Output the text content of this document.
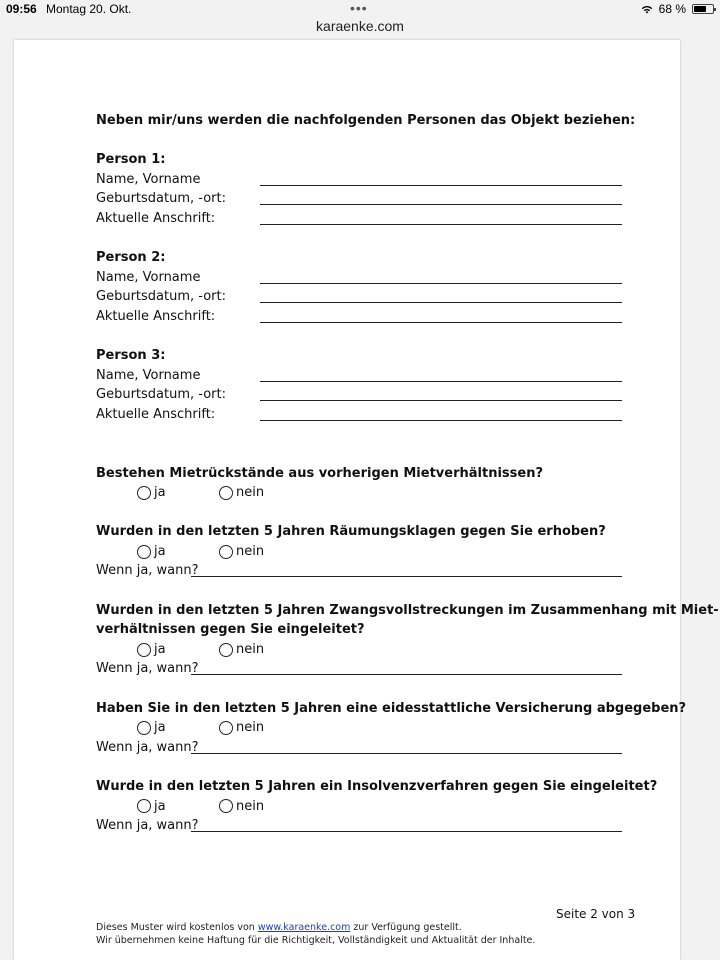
09:56 Montag 20. Okt.	•••	68 %
karaenke.com
Neben mir/uns werden die nachfolgenden Personen das Objekt beziehen:
Person 1:
Name, Vorname
Geburtsdatum, -ort:
Aktuelle Anschrift:
Person 2:
Name, Vorname
Geburtsdatum, -ort:
Aktuelle Anschrift:
Person 3:
Name, Vorname
Geburtsdatum, -ort:
Aktuelle Anschrift:
Bestehen Mietrückstände aus vorherigen Mietverhältnissen?
ja	nein
Wurden in den letzten 5 Jahren Räumungsklagen gegen Sie erhoben?
ja	nein
Wenn ja, wann?
Wurden in den letzten 5 Jahren Zwangsvollstreckungen im Zusammenhang mit Miet-
verhältnissen gegen Sie eingeleitet?
ja	nein
Wenn ja, wann?
Haben Sie in den letzten 5 Jahren eine eidesstattliche Versicherung abgegeben?
ja	nein
Wenn ja, wann?
Wurde in den letzten 5 Jahren ein Insolvenzverfahren gegen Sie eingeleitet?
ja	nein
Wenn ja, wann?
Seite 2 von 3
Dieses Muster wird kostenlos von www.karaenke.com zur Verfügung gestellt.
Wir übernehmen keine Haftung für die Richtigkeit, Vollständigkeit und Aktualität der Inhalte.
